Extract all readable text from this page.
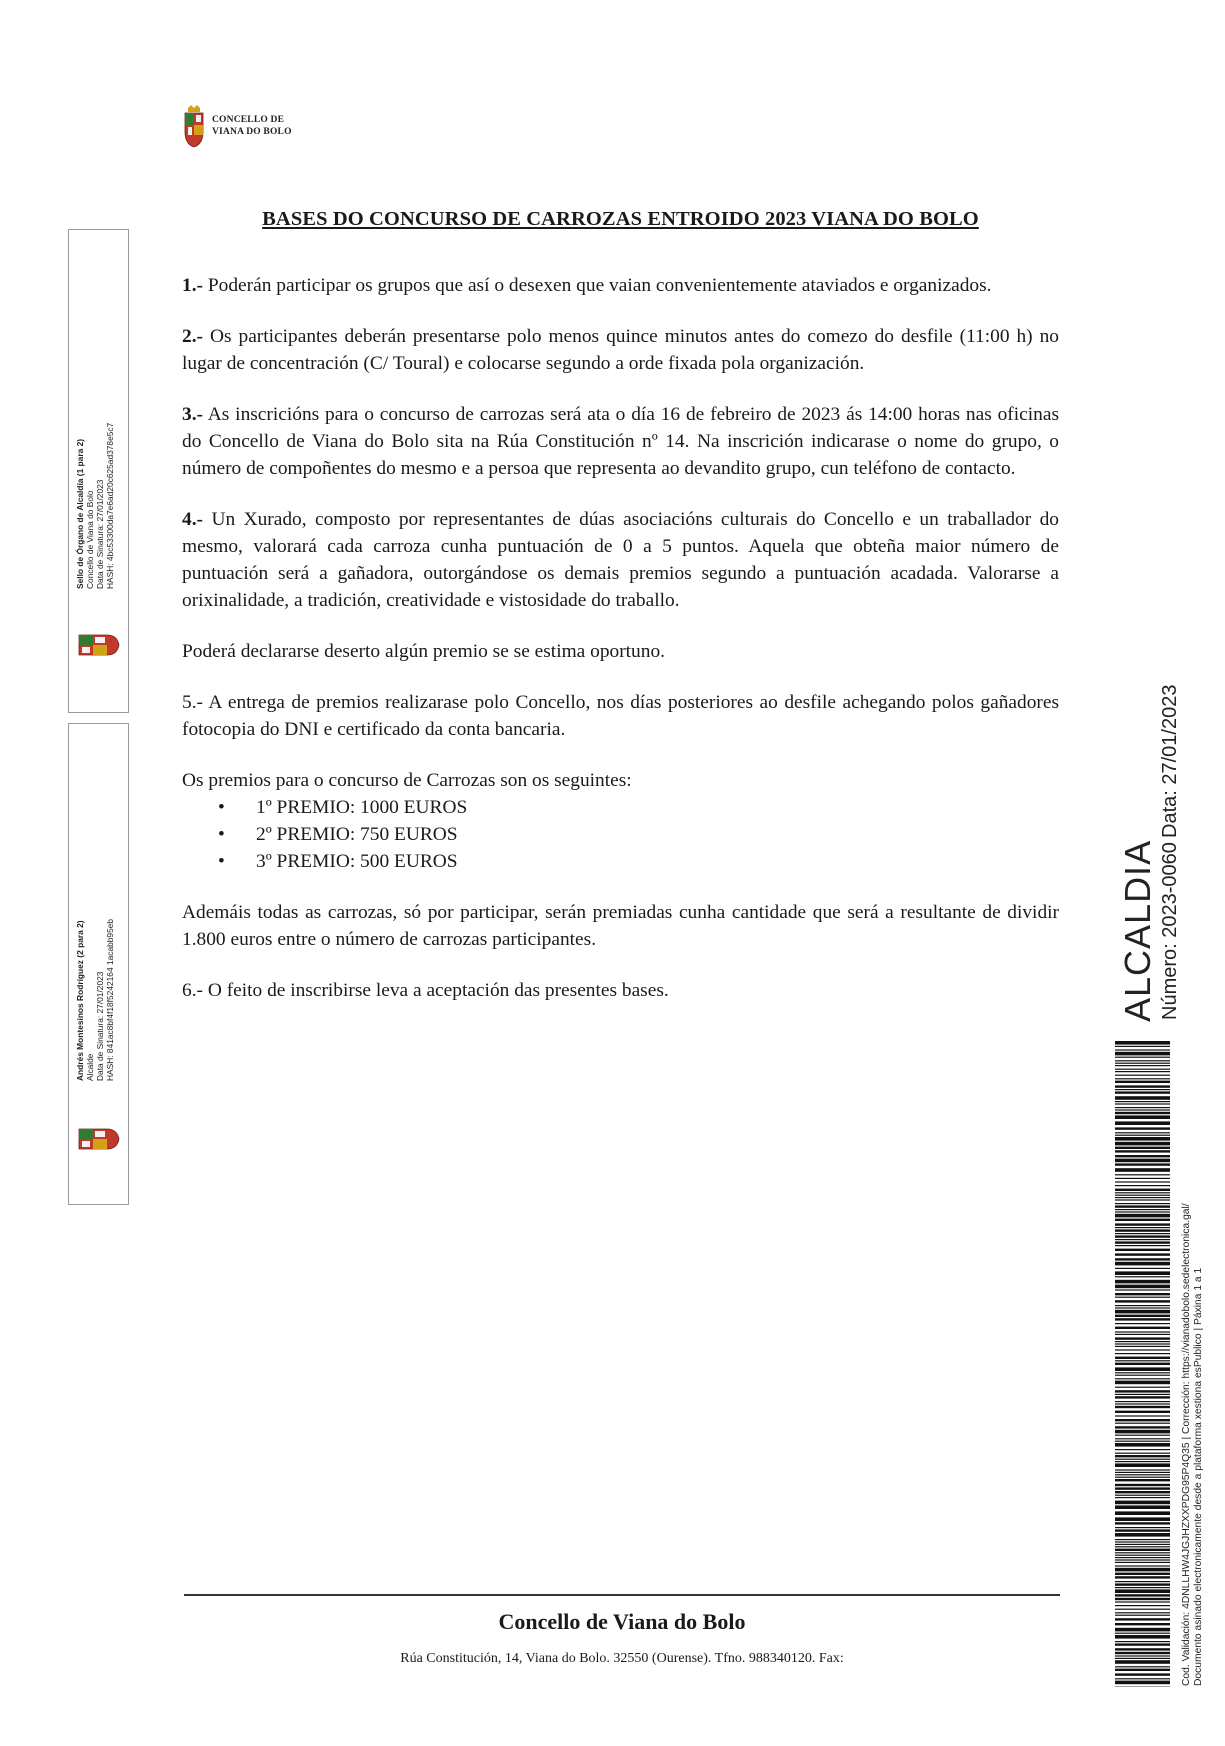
CONCELLO DE
VIANA DO BOLO
BASES DO CONCURSO DE CARROZAS ENTROIDO 2023 VIANA DO BOLO

1.- Poderán participar os grupos que así o desexen que vaian convenientemente ataviados e organizados.

2.- Os participantes deberán presentarse polo menos quince minutos antes do comezo do desfile (11:00 h) no lugar de concentración (C/ Toural) e colocarse segundo a orde fixada pola organización.

3.- As inscricións para o concurso de carrozas será ata o día 16 de febreiro de 2023 ás 14:00 horas nas oficinas do Concello de Viana do Bolo sita na Rúa Constitución nº 14. Na inscrición indicarase o nome do grupo, o número de compoñentes do mesmo e a persoa que representa ao devandito grupo, cun teléfono de contacto.

4.- Un Xurado, composto por representantes de dúas asociacións culturais do Concello e un traballador do mesmo, valorará cada carroza cunha puntuación de 0 a 5 puntos. Aquela que obteña maior número de puntuación será a gañadora, outorgándose os demais premios segundo a puntuación acadada. Valorarse a orixinalidade, a tradición, creatividade e vistosidade do traballo.

Poderá declararse deserto algún premio se se estima oportuno.

5.- A entrega de premios realizarase polo Concello, nos días posteriores ao desfile achegando polos gañadores fotocopia do DNI e certificado da conta bancaria.

Os premios para o concurso de Carrozas son os seguintes:

• 1º PREMIO: 1000 EUROS
• 2º PREMIO: 750 EUROS
• 3º PREMIO: 500 EUROS

Ademáis todas as carrozas, só por participar, serán premiadas cunha cantidade que será a resultante de dividir 1.800 euros entre o número de carrozas participantes.

6.- O feito de inscribirse leva a aceptación das presentes bases.

Sello de Órgano de Alcaldía (1 para 2) Concello de Viana do Bolo Data de Sinatura: 27/01/2023 HASH: 4bc53300da7e6ad20c625ad378e5c7
Andrés Montesinos Rodríguez (2 para 2) Alcalde Data de Sinatura: 27/01/2023 HASH: 841ac8bf4f18f5242164 1acabb95eb	ALCALDIA Número: 2023-0060
Data: 27/01/2023
Cod. Validación: 4DNLLHW4JGJHZXXPDG95P4Q35 | Corrección: https://vianadobolo.sedelectronica.gal/ Documento asinado electronicamente desde a plataforma xestiona esPublico | Páxina 1 a 1
Concello de Viana do Bolo
Rúa Constitución, 14, Viana do Bolo. 32550 (Ourense). Tfno. 988340120. Fax:
